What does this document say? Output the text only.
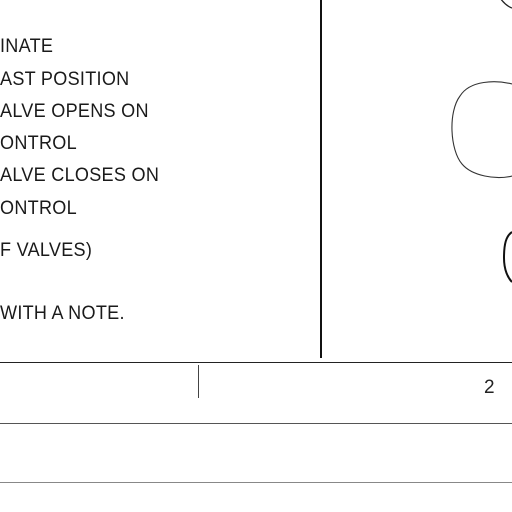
INATE
AST POSITION
ALVE OPENS ON
ONTROL
ALVE CLOSES ON
ONTROL
F VALVES)
WITH A NOTE.
2
